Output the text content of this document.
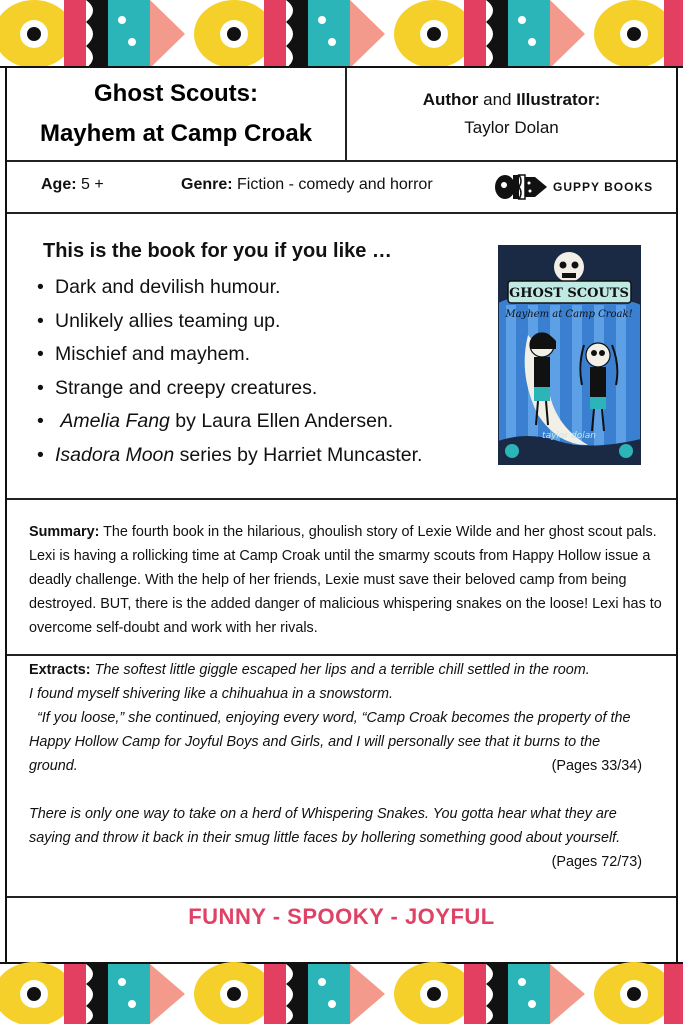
Ghost Scouts:
Mayhem at Camp Croak
Author and Illustrator:
Taylor Dolan
Age: 5 +	Genre: Fiction - comedy and horror	GUPPY BOOKS
This is the book for you if you like …
• Dark and devilish humour.
• Unlikely allies teaming up.
• Mischief and mayhem.
• Strange and creepy creatures.
• Amelia Fang by Laura Ellen Andersen.
• Isadora Moon series by Harriet Muncaster.
GHOST SCOUTS
Mayhem at Camp Croak!
taylor dolan
Summary: The fourth book in the hilarious, ghoulish story of Lexie Wilde and her ghost scout pals. Lexi is having a rollicking time at Camp Croak until the smarmy scouts from Happy Hollow issue a deadly challenge. With the help of her friends, Lexie must save their beloved camp from being destroyed. BUT, there is the added danger of malicious whispering snakes on the loose! Lexi has to overcome self-doubt and work with her rivals.

Extracts: The softest little giggle escaped her lips and a terrible chill settled in the room.

I found myself shivering like a chihuahua in a snowstorm.

“If you loose,” she continued, enjoying every word, “Camp Croak becomes the property of the Happy Hollow Camp for Joyful Boys and Girls, and I will personally see that it burns to the ground.	(Pages 33/34)

There is only one way to take on a herd of Whispering Snakes. You gotta hear what they are saying and throw it back in their smug little faces by hollering something good about yourself.
(Pages 72/73)

FUNNY - SPOOKY - JOYFUL
